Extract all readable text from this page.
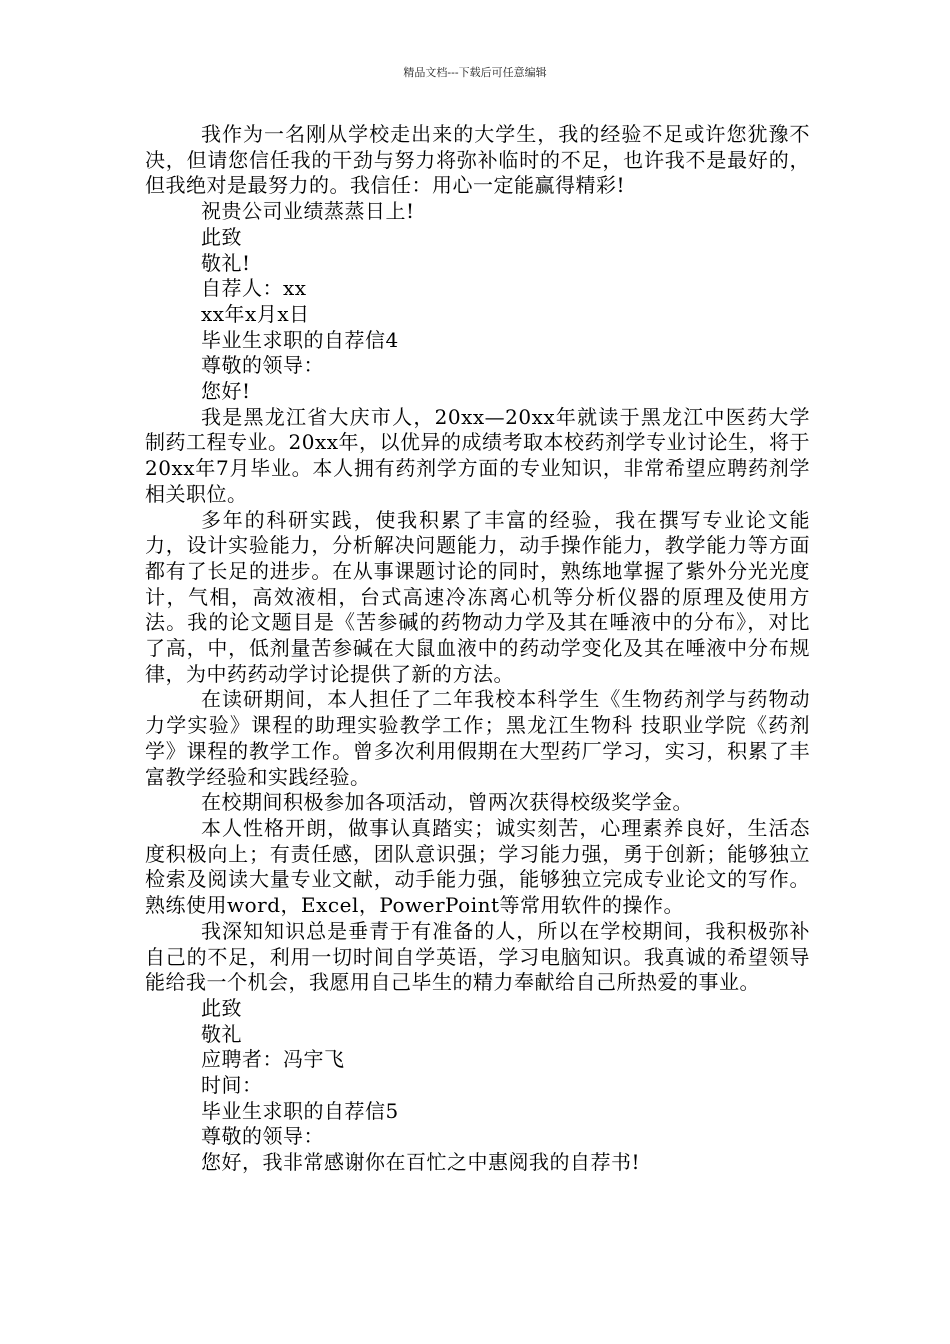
精品文档---下载后可任意编辑

我作为一名刚从学校走出来的大学生，我的经验不足或许您犹豫不决，但请您信任我的干劲与努力将弥补临时的不足，也许我不是最好的，但我绝对是最努力的。我信任：用心一定能赢得精彩!

祝贵公司业绩蒸蒸日上!

此致

敬礼!

自荐人：xx

xx年x月x日

毕业生求职的自荐信4

尊敬的领导：

您好!

我是黑龙江省大庆市人，20xx—20xx年就读于黑龙江中医药大学制药工程专业。20xx年，以优异的成绩考取本校药剂学专业讨论生，将于20xx年7月毕业。本人拥有药剂学方面的专业知识，非常希望应聘药剂学相关职位。

多年的科研实践，使我积累了丰富的经验，我在撰写专业论文能力，设计实验能力，分析解决问题能力，动手操作能力，教学能力等方面都有了长足的进步。在从事课题讨论的同时，熟练地掌握了紫外分光光度计，气相，高效液相，台式高速冷冻离心机等分析仪器的原理及使用方法。我的论文题目是《苦参碱的药物动力学及其在唾液中的分布》，对比了高，中，低剂量苦参碱在大鼠血液中的药动学变化及其在唾液中分布规律，为中药药动学讨论提供了新的方法。

在读研期间，本人担任了二年我校本科学生《生物药剂学与药物动力学实验》课程的助理实验教学工作；黑龙江生物科 技职业学院《药剂学》课程的教学工作。曾多次利用假期在大型药厂学习，实习，积累了丰富教学经验和实践经验。

在校期间积极参加各项活动，曾两次获得校级奖学金。

本人性格开朗，做事认真踏实；诚实刻苦，心理素养良好，生活态度积极向上；有责任感，团队意识强；学习能力强，勇于创新；能够独立检索及阅读大量专业文献，动手能力强，能够独立完成专业论文的写作。熟练使用word，Excel，PowerPoint等常用软件的操作。

我深知知识总是垂青于有准备的人，所以在学校期间，我积极弥补自己的不足，利用一切时间自学英语，学习电脑知识。我真诚的希望领导能给我一个机会，我愿用自己毕生的精力奉献给自己所热爱的事业。

此致

敬礼

应聘者：冯宇飞

时间：

毕业生求职的自荐信5

尊敬的领导：

您好，我非常感谢你在百忙之中惠阅我的自荐书!
